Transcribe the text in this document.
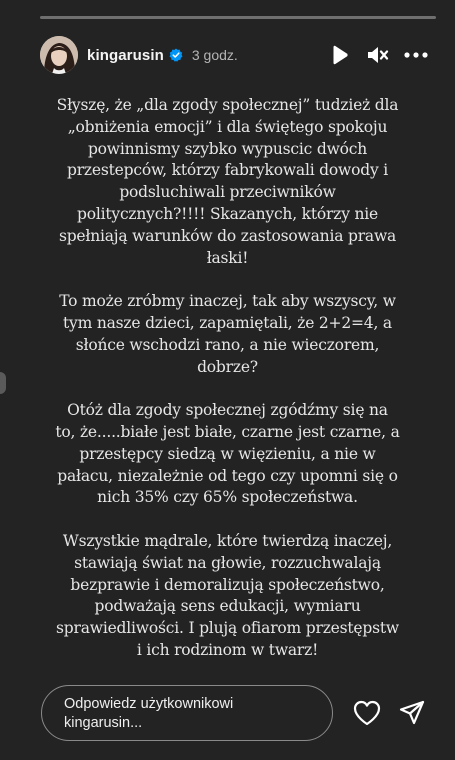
kingarusin 3 godz.

Słyszę, że „dla zgody społecznej” tudzież dla „obniżenia emocji” i dla świętego spokoju powinnismy szybko wypuscic dwóch przestepców, którzy fabrykowali dowody i podsluchiwali przeciwników politycznych?!!!! Skazanych, którzy nie spełniają warunków do zastosowania prawa łaski!

To może zróbmy inaczej, tak aby wszyscy, w tym nasze dzieci, zapamiętali, że 2+2=4, a słońce wschodzi rano, a nie wieczorem, dobrze?

Otóż dla zgody społecznej zgódźmy się na to, że.....białe jest białe, czarne jest czarne, a przestępcy siedzą w więzieniu, a nie w pałacu, niezależnie od tego czy upomni się o nich 35% czy 65% społeczeństwa.

Wszystkie mądrale, które twierdzą inaczej, stawiają świat na głowie, rozzuchwalają bezprawie i demoralizują społeczeństwo, podważają sens edukacji, wymiaru sprawiedliwości. I plują ofiarom przestępstw i ich rodzinom w twarz!

Odpowiedz użytkownikowi kingarusin...
